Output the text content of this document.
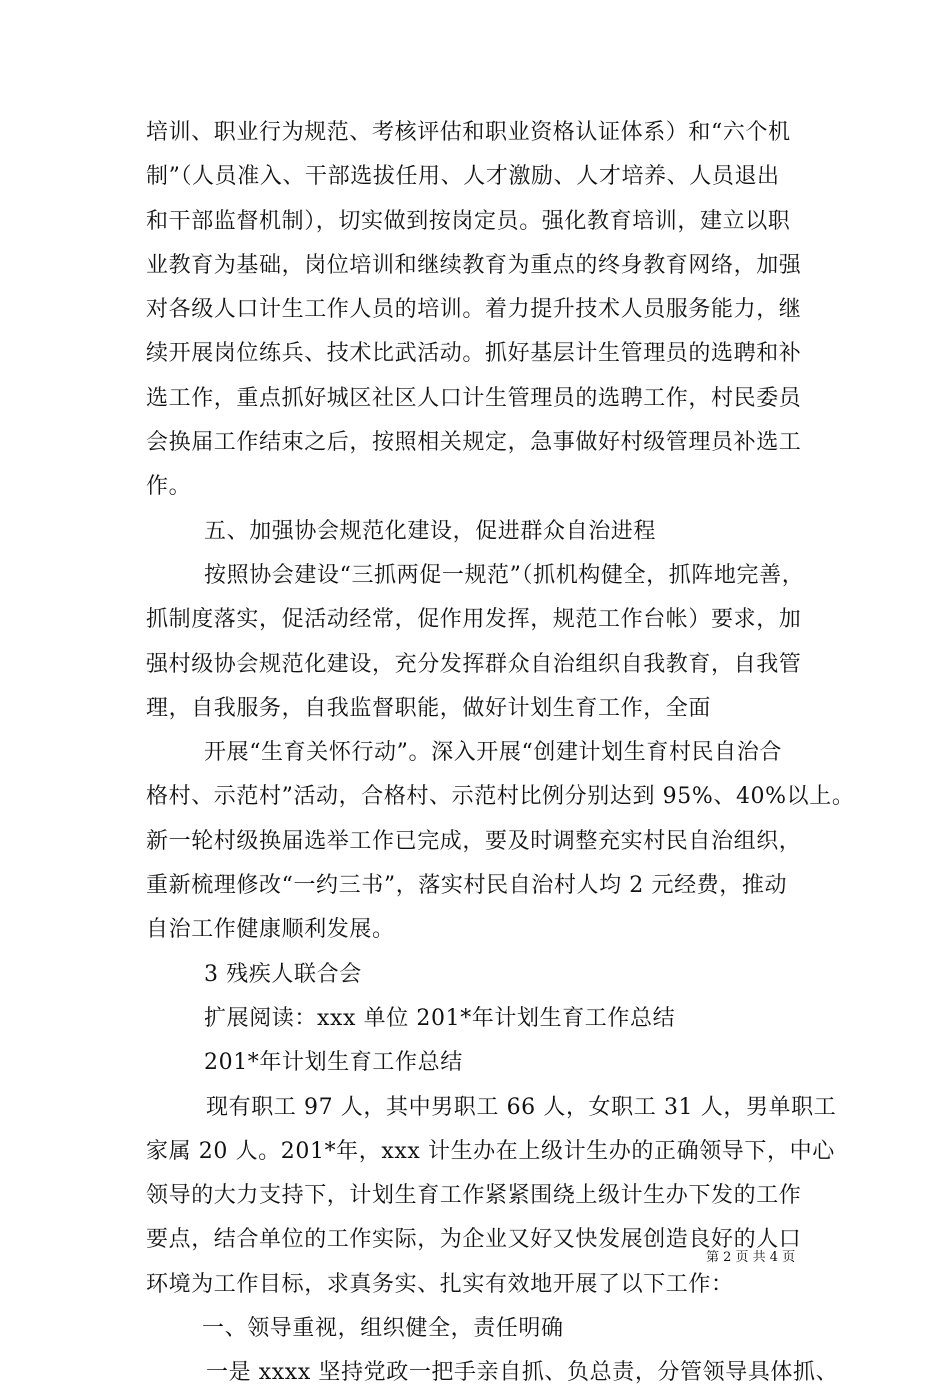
培训、职业行为规范、考核评估和职业资格认证体系）和“六个机
制”（人员准入、干部选拔任用、人才激励、人才培养、人员退出
和干部监督机制），切实做到按岗定员。强化教育培训，建立以职
业教育为基础，岗位培训和继续教育为重点的终身教育网络，加强
对各级人口计生工作人员的培训。着力提升技术人员服务能力，继
续开展岗位练兵、技术比武活动。抓好基层计生管理员的选聘和补
选工作，重点抓好城区社区人口计生管理员的选聘工作，村民委员
会换届工作结束之后，按照相关规定，急事做好村级管理员补选工
作。
五、加强协会规范化建设，促进群众自治进程
按照协会建设“三抓两促一规范”（抓机构健全，抓阵地完善，
抓制度落实，促活动经常，促作用发挥，规范工作台帐）要求，加
强村级协会规范化建设，充分发挥群众自治组织自我教育，自我管
理，自我服务，自我监督职能，做好计划生育工作，全面
开展“生育关怀行动”。深入开展“创建计划生育村民自治合
格村、示范村”活动，合格村、示范村比例分别达到 95%、40%以上。
新一轮村级换届选举工作已完成，要及时调整充实村民自治组织，
重新梳理修改“一约三书”，落实村民自治村人均 2 元经费，推动
自治工作健康顺利发展。
3 残疾人联合会
扩展阅读：xxx 单位 201*年计划生育工作总结
201*年计划生育工作总结
现有职工 97 人，其中男职工 66 人，女职工 31 人，男单职工
家属 20 人。201*年，xxx 计生办在上级计生办的正确领导下，中心
领导的大力支持下，计划生育工作紧紧围绕上级计生办下发的工作
要点，结合单位的工作实际，为企业又好又快发展创造良好的人口
环境为工作目标，求真务实、扎实有效地开展了以下工作：
一、领导重视，组织健全，责任明确
一是 xxxx 坚持党政一把手亲自抓、负总责，分管领导具体抓、
第 2 页 共 4 页
